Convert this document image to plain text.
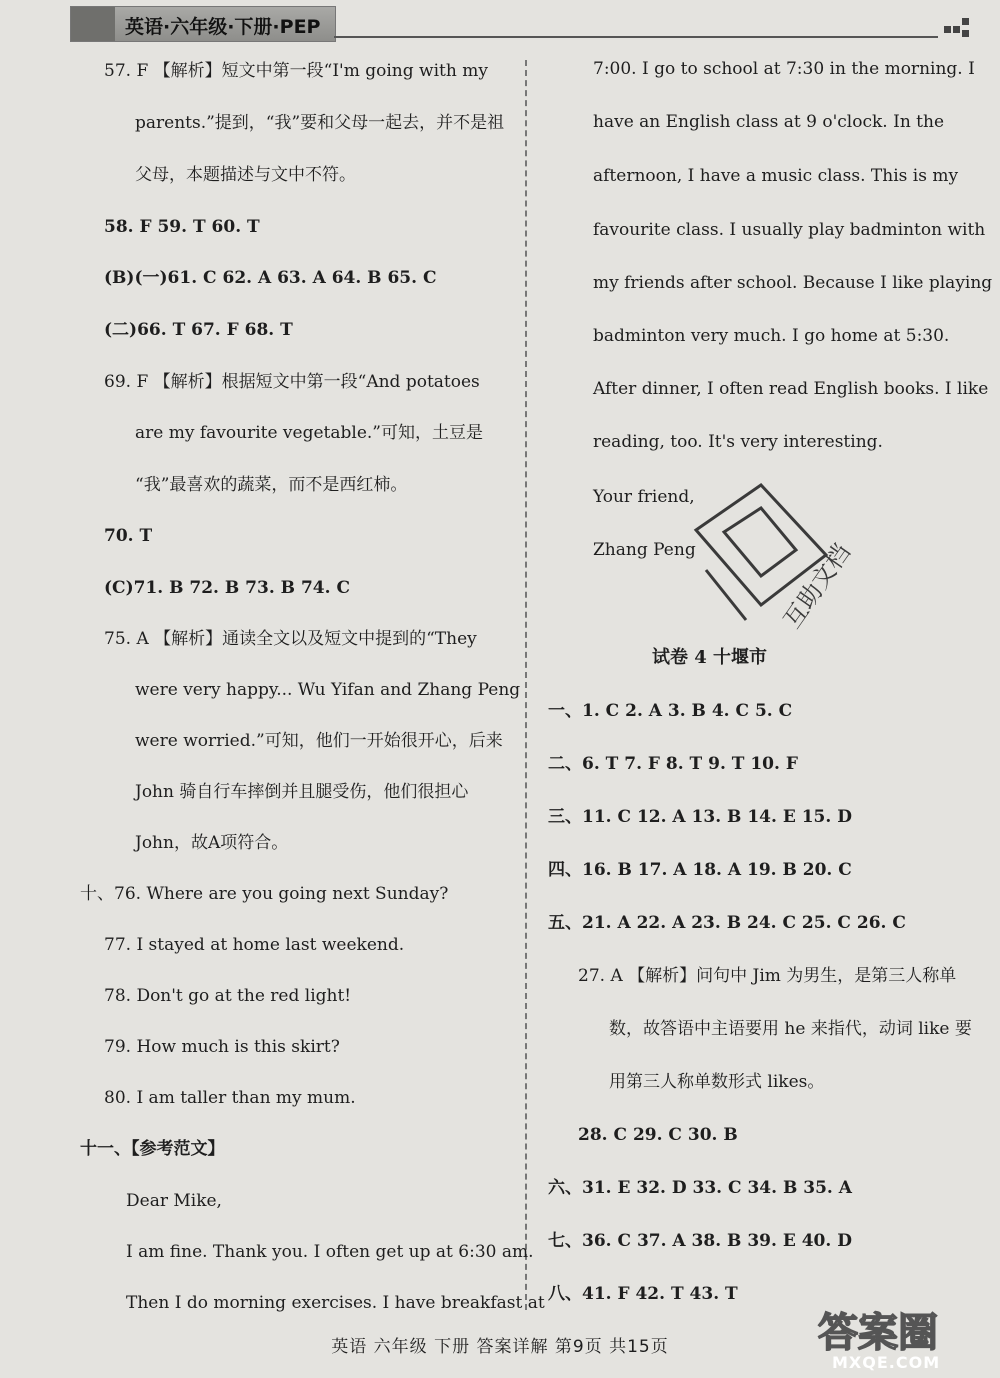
英语·六年级·下册·PEP
57. F 【解析】短文中第一段“I'm going with my
parents.”提到，“我”要和父母一起去，并不是祖
父母，本题描述与文中不符。
58. F 59. T 60. T
(B)(一)61. C 62. A 63. A 64. B 65. C
(二)66. T 67. F 68. T
69. F 【解析】根据短文中第一段“And potatoes
are my favourite vegetable.”可知，土豆是
“我”最喜欢的蔬菜，而不是西红柿。
70. T
(C)71. B 72. B 73. B 74. C
75. A 【解析】通读全文以及短文中提到的“They
were very happy... Wu Yifan and Zhang Peng
were worried.”可知，他们一开始很开心，后来
John 骑自行车摔倒并且腿受伤，他们很担心
John，故A项符合。
十、76. Where are you going next Sunday?
77. I stayed at home last weekend.
78. Don't go at the red light!
79. How much is this skirt?
80. I am taller than my mum.
十一、【参考范文】
Dear Mike,
I am fine. Thank you. I often get up at 6:30 am.
Then I do morning exercises. I have breakfast at
7:00. I go to school at 7:30 in the morning. I
have an English class at 9 o'clock. In the
afternoon, I have a music class. This is my
favourite class. I usually play badminton with
my friends after school. Because I like playing
badminton very much. I go home at 5:30.
After dinner, I often read English books. I like
reading, too. It's very interesting.
Your friend,
Zhang Peng
试卷 4 十堰市
一、1. C 2. A 3. B 4. C 5. C
二、6. T 7. F 8. T 9. T 10. F
三、11. C 12. A 13. B 14. E 15. D
四、16. B 17. A 18. A 19. B 20. C
五、21. A 22. A 23. B 24. C 25. C 26. C
27. A 【解析】问句中 Jim 为男生，是第三人称单
数，故答语中主语要用 he 来指代，动词 like 要
用第三人称单数形式 likes。
28. C 29. C 30. B
六、31. E 32. D 33. C 34. B 35. A
七、36. C 37. A 38. B 39. E 40. D
八、41. F 42. T 43. T
互助文档
英语 六年级 下册 答案详解 第9页 共15页	答案圈
MXQE.COM
